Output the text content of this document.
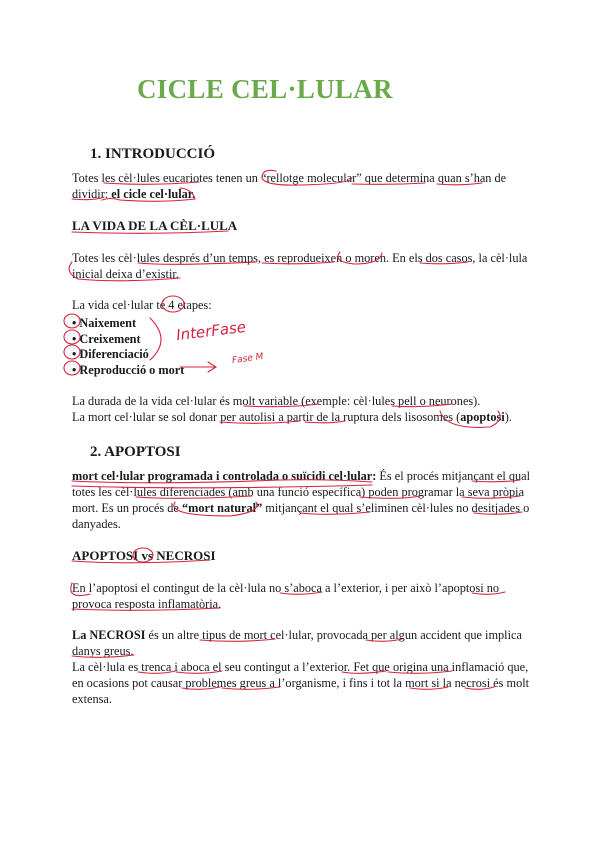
CICLE CEL·LULAR
1. INTRODUCCIÓ
Totes les cèl·lules eucariotes tenen un “rellotge molecular” que determina quan s’han de
dividir: el cicle cel·lular.
LA VIDA DE LA CÈL·LULA
Totes les cèl·lules després d’un temps, es reprodueixen o moren. En els dos casos, la cèl·lula
inicial deixa d’existir.
La vida cel·lular té 4 etapes:
• Naixement
• Creixement
• Diferenciació
• Reproducció o mort
InterFase
Fase M
La durada de la vida cel·lular és molt variable (exemple: cèl·lules pell o neurones).
La mort cel·lular se sol donar per autolisi a partir de la ruptura dels lisosomes (apoptosi).
2. APOPTOSI
mort cel·lular programada i controlada o suïcidi cel·lular: És el procés mitjançant el qual
totes les cèl·lules diferenciades (amb una funció específica) poden programar la seva pròpia
mort. Es un procés de “mort natural” mitjançant el qual s’eliminen cèl·lules no desitjades o
danyades.
APOPTOSI vs NECROSI
En l’apoptosi el contingut de la cèl·lula no s’aboca a l’exterior, i per això l’apoptosi no
provoca resposta inflamatòria.
La NECROSI és un altre tipus de mort cel·lular, provocada per algun accident que implica
danys greus.
La cèl·lula es trenca i aboca el seu contingut a l’exterior. Fet que origina una inflamació que,
en ocasions pot causar problemes greus a l’organisme, i fins i tot la mort si la necrosi és molt
extensa.
